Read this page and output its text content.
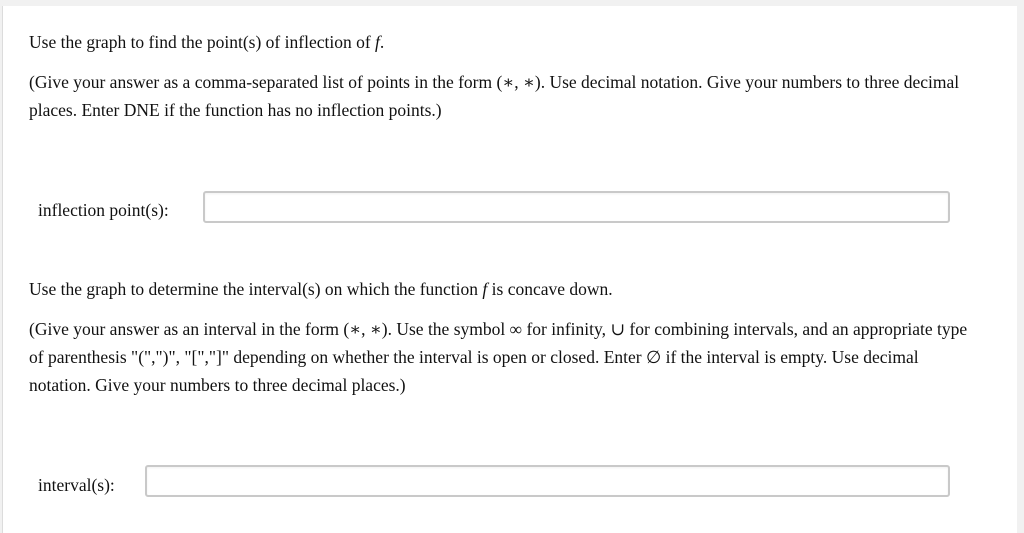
Use the graph to find the point(s) of inflection of f.

(Give your answer as a comma-separated list of points in the form (∗, ∗). Use decimal notation. Give your numbers to three decimal places. Enter DNE if the function has no inflection points.)

inflection point(s):

Use the graph to determine the interval(s) on which the function f is concave down.

(Give your answer as an interval in the form (∗, ∗). Use the symbol ∞ for infinity, ∪ for combining intervals, and an appropriate type of parenthesis "(",")", "[","]" depending on whether the interval is open or closed. Enter ∅ if the interval is empty. Use decimal notation. Give your numbers to three decimal places.)

interval(s):
